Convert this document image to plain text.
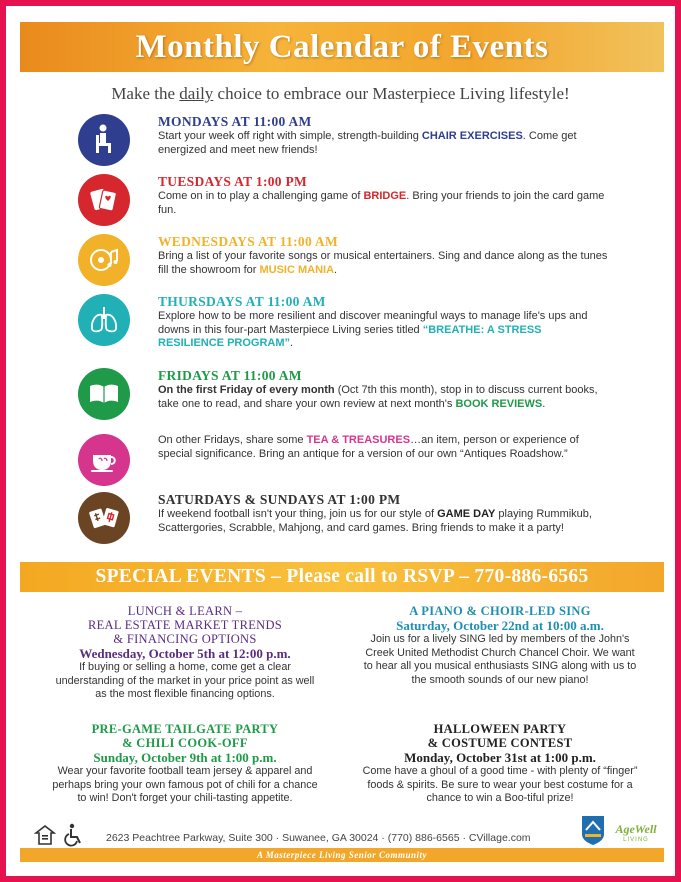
Monthly Calendar of Events
Make the daily choice to embrace our Masterpiece Living lifestyle!
MONDAYS AT 11:00 AM
Start your week off right with simple, strength-building CHAIR EXERCISES. Come get energized and meet new friends!
TUESDAYS AT 1:00 PM
Come on in to play a challenging game of BRIDGE. Bring your friends to join the card game fun.
WEDNESDAYS AT 11:00 AM
Bring a list of your favorite songs or musical entertainers. Sing and dance along as the tunes fill the showroom for MUSIC MANIA.
THURSDAYS AT 11:00 AM
Explore how to be more resilient and discover meaningful ways to manage life's ups and downs in this four-part Masterpiece Living series titled “BREATHE: A STRESS RESILIENCE PROGRAM”.
FRIDAYS AT 11:00 AM
On the first Friday of every month (Oct 7th this month), stop in to discuss current books, take one to read, and share your own review at next month's BOOK REVIEWS.
On other Fridays, share some TEA & TREASURES…an item, person or experience of special significance. Bring an antique for a version of our own “Antiques Roadshow.”
SATURDAYS & SUNDAYS AT 1:00 PM
If weekend football isn't your thing, join us for our style of GAME DAY playing Rummikub, Scattergories, Scrabble, Mahjong, and card games. Bring friends to make it a party!
SPECIAL EVENTS – Please call to RSVP – 770-886-6565
LUNCH & LEARN –
REAL ESTATE MARKET TRENDS
& FINANCING OPTIONS
Wednesday, October 5th at 12:00 p.m.
If buying or selling a home, come get a clear understanding of the market in your price point as well as the most flexible financing options.
A PIANO & CHOIR-LED SING
Saturday, October 22nd at 10:00 a.m.
Join us for a lively SING led by members of the John's Creek United Methodist Church Chancel Choir. We want to hear all you musical enthusiasts SING along with us to the smooth sounds of our new piano!
PRE-GAME TAILGATE PARTY
& CHILI COOK-OFF
Sunday, October 9th at 1:00 p.m.
Wear your favorite football team jersey & apparel and perhaps bring your own famous pot of chili for a chance to win! Don't forget your chili-tasting appetite.
HALLOWEEN PARTY
& COSTUME CONTEST
Monday, October 31st at 1:00 p.m.
Come have a ghoul of a good time - with plenty of “finger” foods & spirits. Be sure to wear your best costume for a chance to win a Boo-tiful prize!
2623 Peachtree Parkway, Suite 300 · Suwanee, GA 30024 · (770) 886-6565 · CVillage.com
AgeWell
LIVING
A Masterpiece Living Senior Community
